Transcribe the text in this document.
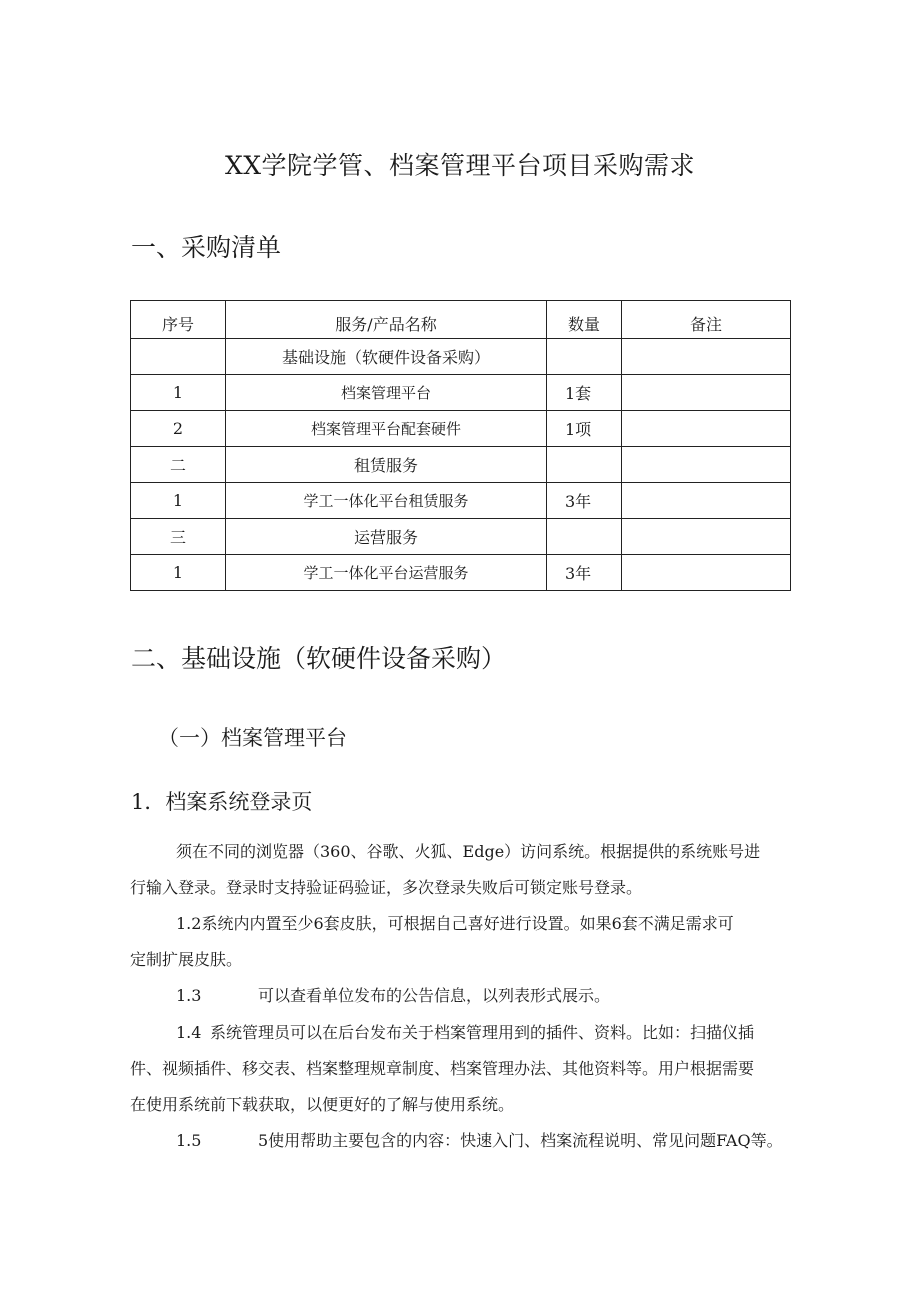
XX学院学管、档案管理平台项目采购需求
一、采购清单
序号	服务/产品名称	数量	备注
	基础设施（软硬件设备采购）		
1	档案管理平台	1套	
2	档案管理平台配套硬件	1项	
二	租赁服务		
1	学工一体化平台租赁服务	3年	
三	运营服务		
1	学工一体化平台运营服务	3年	
二、基础设施（软硬件设备采购）
（一）档案管理平台
1．档案系统登录页
须在不同的浏览器（360、谷歌、火狐、Edge）访问系统。根据提供的系统账号进
行输入登录。登录时支持验证码验证，多次登录失败后可锁定账号登录。
1.2系统内内置至少6套皮肤，可根据自己喜好进行设置。如果6套不满足需求可
定制扩展皮肤。
1.3	可以查看单位发布的公告信息，以列表形式展示。
1.4 系统管理员可以在后台发布关于档案管理用到的插件、资料。比如：扫描仪插
件、视频插件、移交表、档案整理规章制度、档案管理办法、其他资料等。用户根据需要
在使用系统前下载获取，以便更好的了解与使用系统。
1.5	5使用帮助主要包含的内容：快速入门、档案流程说明、常见问题FAQ等。
